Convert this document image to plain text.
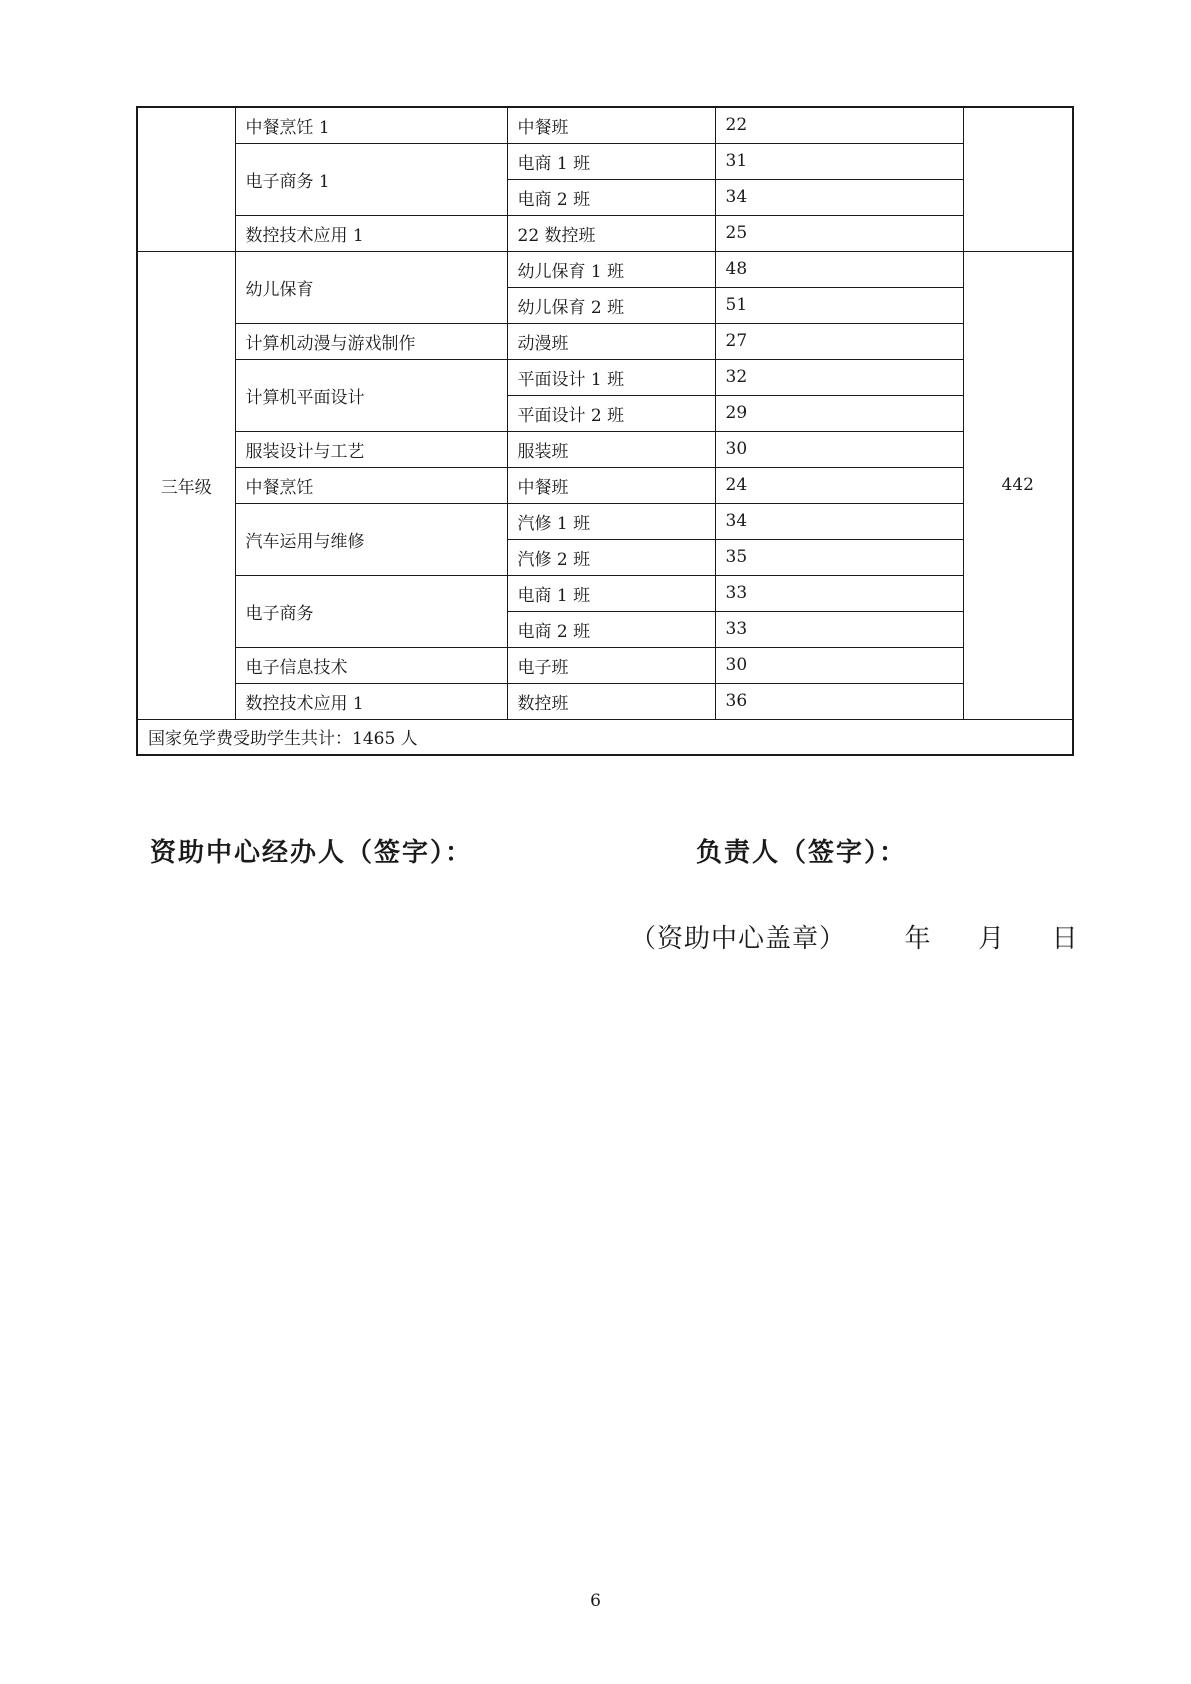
	中餐烹饪 1	中餐班	22	
	电子商务 1	电商 1 班	31	
		电商 2 班	34	
	数控技术应用 1	22 数控班	25	
三年级	幼儿保育	幼儿保育 1 班	48	442
		幼儿保育 2 班	51	
	计算机动漫与游戏制作	动漫班	27	
	计算机平面设计	平面设计 1 班	32	
		平面设计 2 班	29	
	服装设计与工艺	服装班	30	
	中餐烹饪	中餐班	24	
	汽车运用与维修	汽修 1 班	34	
		汽修 2 班	35	
	电子商务	电商 1 班	33	
		电商 2 班	33	
	电子信息技术	电子班	30	
	数控技术应用 1	数控班	36	
国家免学费受助学生共计：1465 人				
资助中心经办人（签字）：	负责人（签字）：
（资助中心盖章） 年 月 日
6
